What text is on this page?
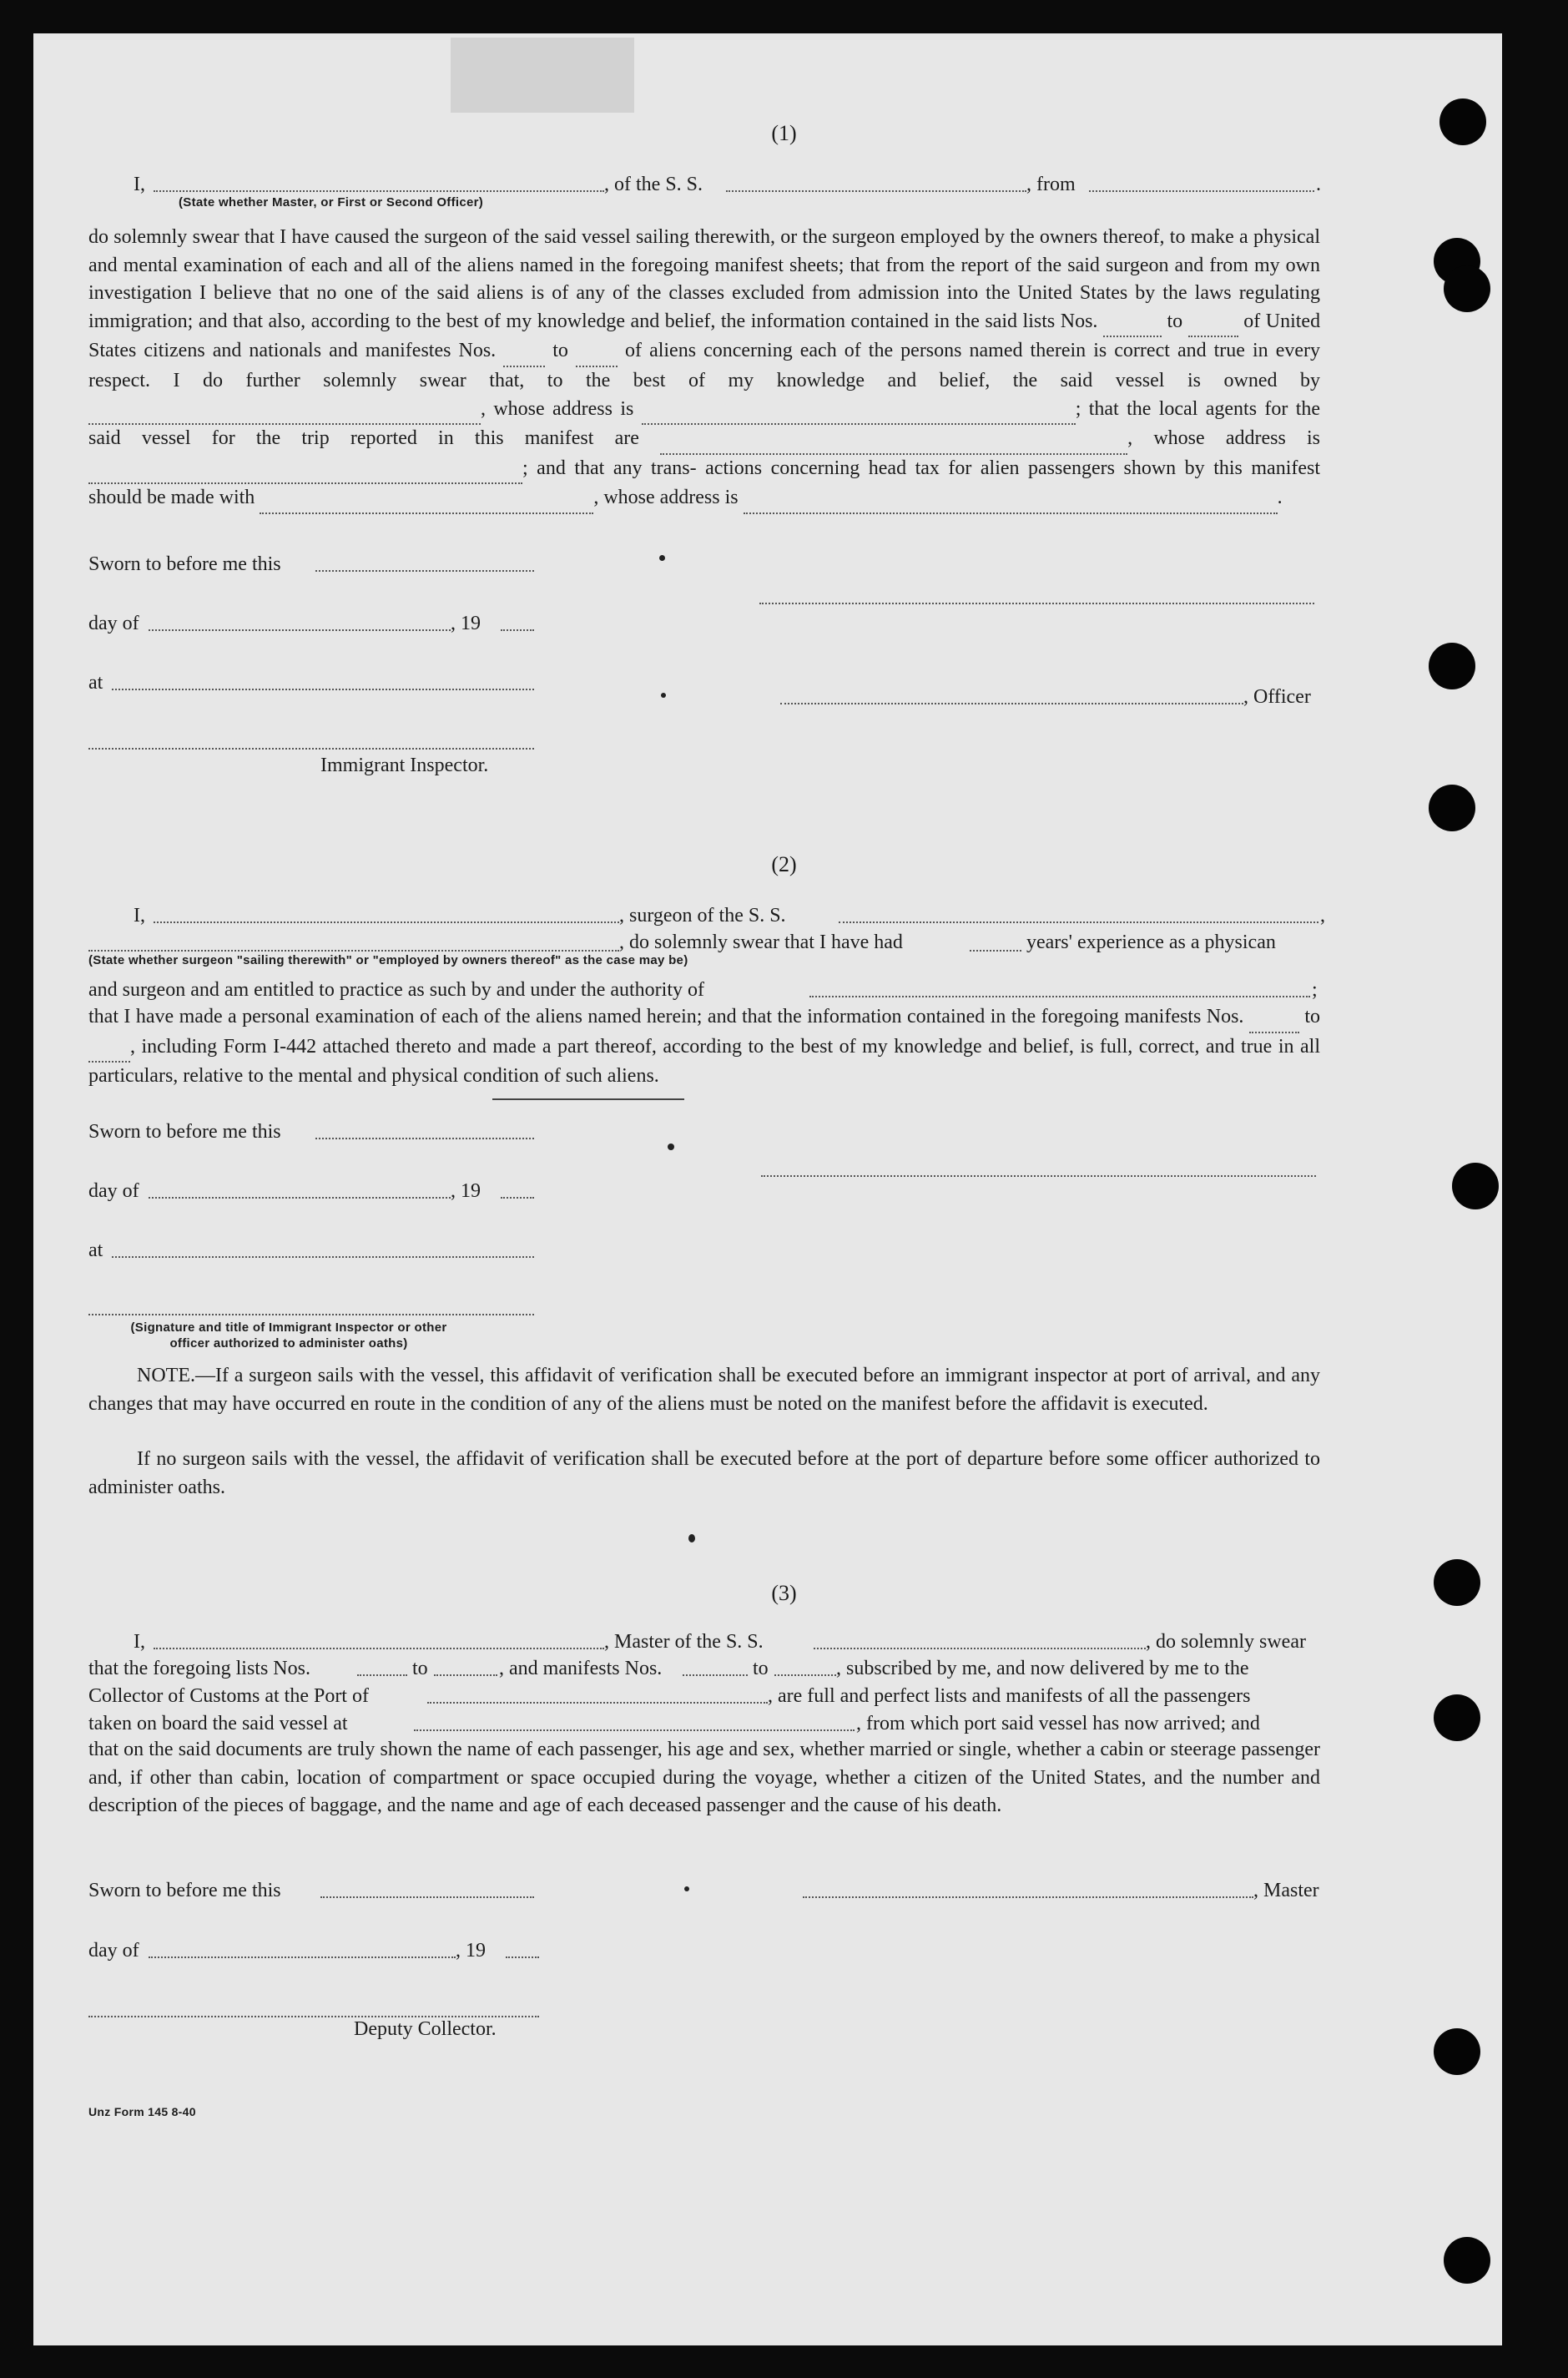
(1)
I,	, of the S. S.	, from	.
(State whether Master, or First or Second Officer)
do solemnly swear that I have caused the surgeon of the said vessel sailing therewith, or the surgeon employed by the owners thereof, to make a physical and mental examination of each and all of the aliens named in the foregoing manifest sheets; that from the report of the said surgeon and from my own investigation I believe that no one of the said aliens is of any of the classes excluded from admission into the United States by the laws regulating immigration; and that also, according to the best of my knowledge and belief, the information contained in the said lists Nos.	to	of United States citizens and nationals and manifestes Nos.	to	of aliens concerning each of the persons named therein is correct and true in every respect. I do further solemnly swear that, to the best of my knowledge and belief, the said vessel is owned by  , whose address is	; that the local agents for the said vessel for the trip reported in this manifest are	, whose address is  ; and that any trans- actions concerning head tax for alien passengers shown by this manifest should be made with	, whose address is	.
Sworn to before me this
day of	, 19
at
, Officer
Immigrant Inspector.
(2)
I,	, surgeon of the S. S.	,
, do solemnly swear that I have had	years' experience as a physican
(State whether surgeon "sailing therewith" or "employed by owners thereof" as the case may be)
and surgeon and am entitled to practice as such by and under the authority of	;
that I have made a personal examination of each of the aliens named herein; and that the information contained in the foregoing manifests Nos.	to  , including Form I-442 attached thereto and made a part thereof, according to the best of my knowledge and belief, is full, correct, and true in all particulars, relative to the mental and physical condition of such aliens.
Sworn to before me this
day of	, 19
at
(Signature and title of Immigrant Inspector or other
officer authorized to administer oaths)
NOTE.—If a surgeon sails with the vessel, this affidavit of verification shall be executed before an immigrant inspector at port of arrival, and any changes that may have occurred en route in the condition of any of the aliens must be noted on the manifest before the affidavit is executed.
If no surgeon sails with the vessel, the affidavit of verification shall be executed before at the port of departure before some officer authorized to administer oaths.
(3)
I,	, Master of the S. S.	, do solemnly swear
that the foregoing lists Nos.	to	, and manifests Nos.	to	, subscribed by me, and now delivered by me to the
Collector of Customs at the Port of	, are full and perfect lists and manifests of all the passengers
taken on board the said vessel at	, from which port said vessel has now arrived; and
that on the said documents are truly shown the name of each passenger, his age and sex, whether married or single, whether a cabin or steerage passenger and, if other than cabin, location of compartment or space occupied during the voyage, whether a citizen of the United States, and the number and description of the pieces of baggage, and the name and age of each deceased passenger and the cause of his death.
Sworn to before me this	, Master
day of	, 19
Deputy Collector.
Unz Form 145 8-40
